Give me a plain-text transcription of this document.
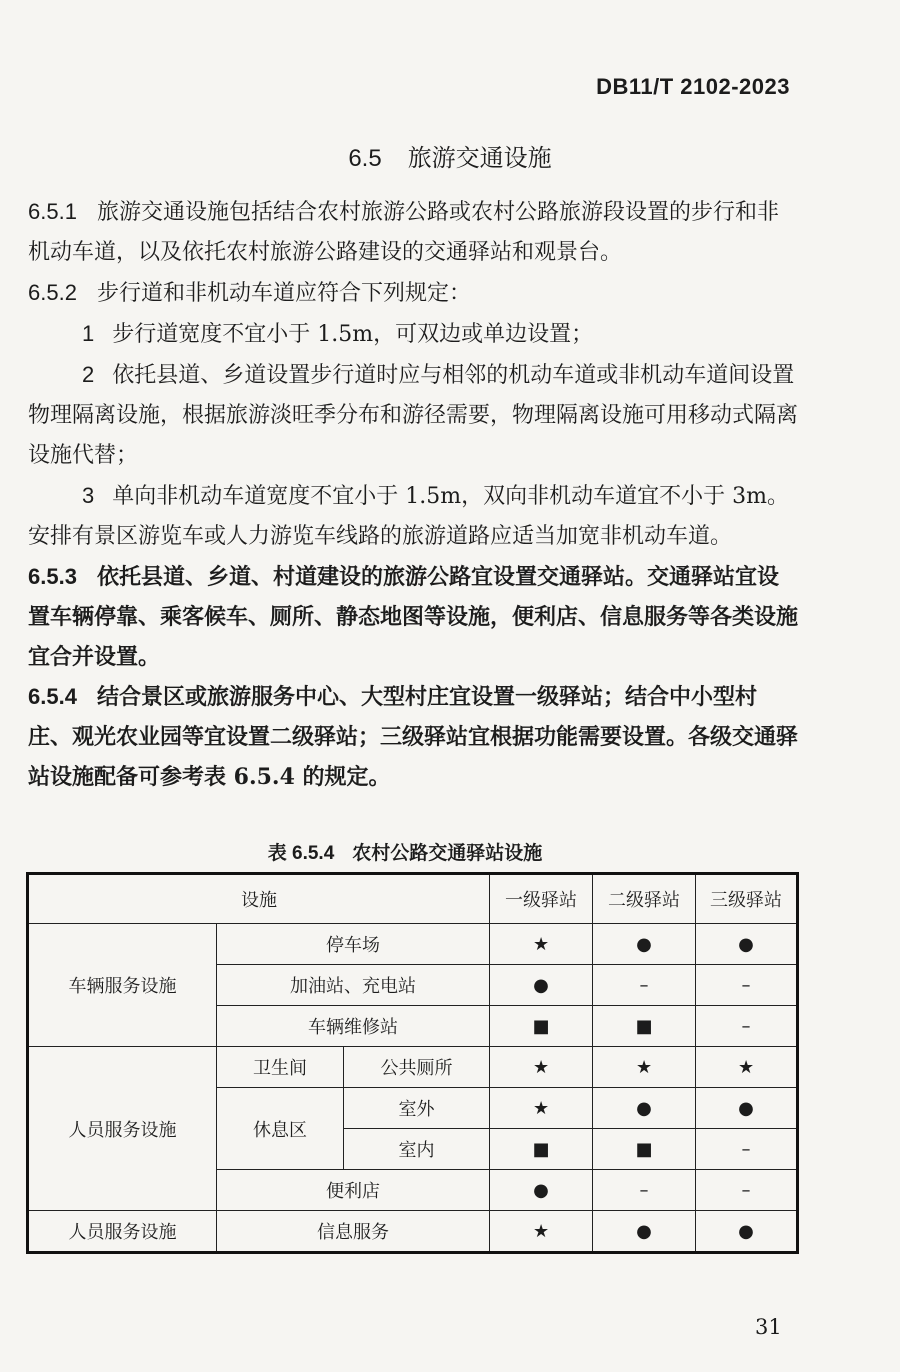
DB11/T 2102-2023
6.5 旅游交通设施

6.5.1 旅游交通设施包括结合农村旅游公路或农村公路旅游段设置的步行和非机动车道，以及依托农村旅游公路建设的交通驿站和观景台。

6.5.2 步行道和非机动车道应符合下列规定：

1 步行道宽度不宜小于 1.5m，可双边或单边设置；

2 依托县道、乡道设置步行道时应与相邻的机动车道或非机动车道间设置物理隔离设施，根据旅游淡旺季分布和游径需要，物理隔离设施可用移动式隔离设施代替；

3 单向非机动车道宽度不宜小于 1.5m，双向非机动车道宜不小于 3m。安排有景区游览车或人力游览车线路的旅游道路应适当加宽非机动车道。

6.5.3 依托县道、乡道、村道建设的旅游公路宜设置交通驿站。交通驿站宜设置车辆停靠、乘客候车、厕所、静态地图等设施，便利店、信息服务等各类设施宜合并设置。

6.5.4 结合景区或旅游服务中心、大型村庄宜设置一级驿站；结合中小型村庄、观光农业园等宜设置二级驿站；三级驿站宜根据功能需要设置。各级交通驿站设施配备可参考表 6.5.4 的规定。

表 6.5.4 农村公路交通驿站设施
设施			一级驿站	二级驿站	三级驿站
车辆服务设施	停车场		★	●	●
	加油站、充电站		●	–	–
	车辆维修站		■	■	–
人员服务设施	卫生间	公共厕所	★	★	★
	休息区	室外	★	●	●
		室内	■	■	–
	便利店		●	–	–
人员服务设施	信息服务		★	●	●
31
